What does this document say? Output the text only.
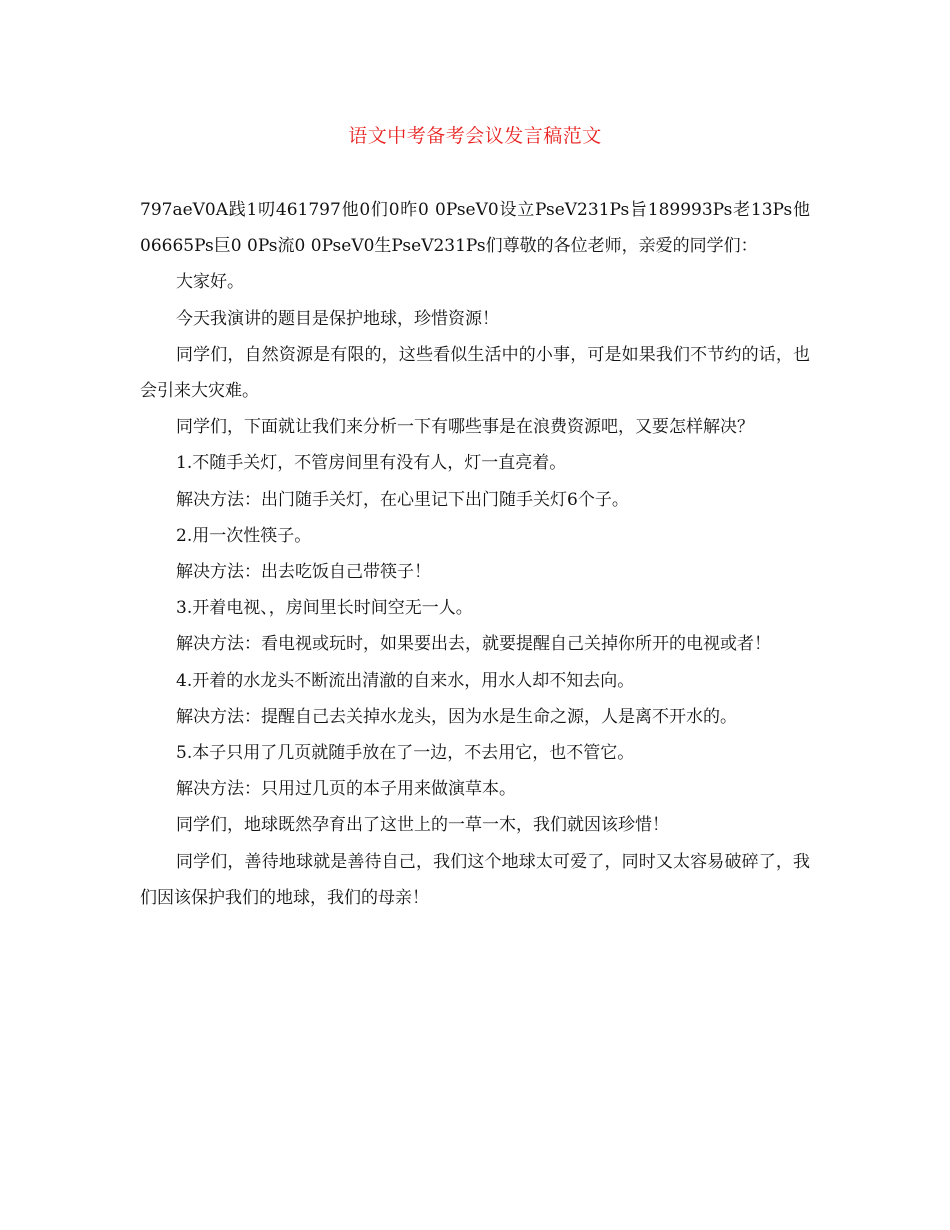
语文中考备考会议发言稿范文

797aeV0A践1叨461797他0们0昨0 0PseV0设立PseV231Ps旨189993Ps老13Ps他06665Ps巨0 0Ps流0 0PseV0生PseV231Ps们尊敬的各位老师，亲爱的同学们：

大家好。

今天我演讲的题目是保护地球，珍惜资源！

同学们，自然资源是有限的，这些看似生活中的小事，可是如果我们不节约的话，也会引来大灾难。

同学们，下面就让我们来分析一下有哪些事是在浪费资源吧，又要怎样解决？

1.不随手关灯，不管房间里有没有人，灯一直亮着。

解决方法：出门随手关灯，在心里记下出门随手关灯6个子。

2.用一次性筷子。

解决方法：出去吃饭自己带筷子！

3.开着电视、，房间里长时间空无一人。

解决方法：看电视或玩时，如果要出去，就要提醒自己关掉你所开的电视或者！

4.开着的水龙头不断流出清澈的自来水，用水人却不知去向。

解决方法：提醒自己去关掉水龙头，因为水是生命之源，人是离不开水的。

5.本子只用了几页就随手放在了一边，不去用它，也不管它。

解决方法：只用过几页的本子用来做演草本。

同学们，地球既然孕育出了这世上的一草一木，我们就因该珍惜！

同学们，善待地球就是善待自己，我们这个地球太可爱了，同时又太容易破碎了，我们因该保护我们的地球，我们的母亲！
